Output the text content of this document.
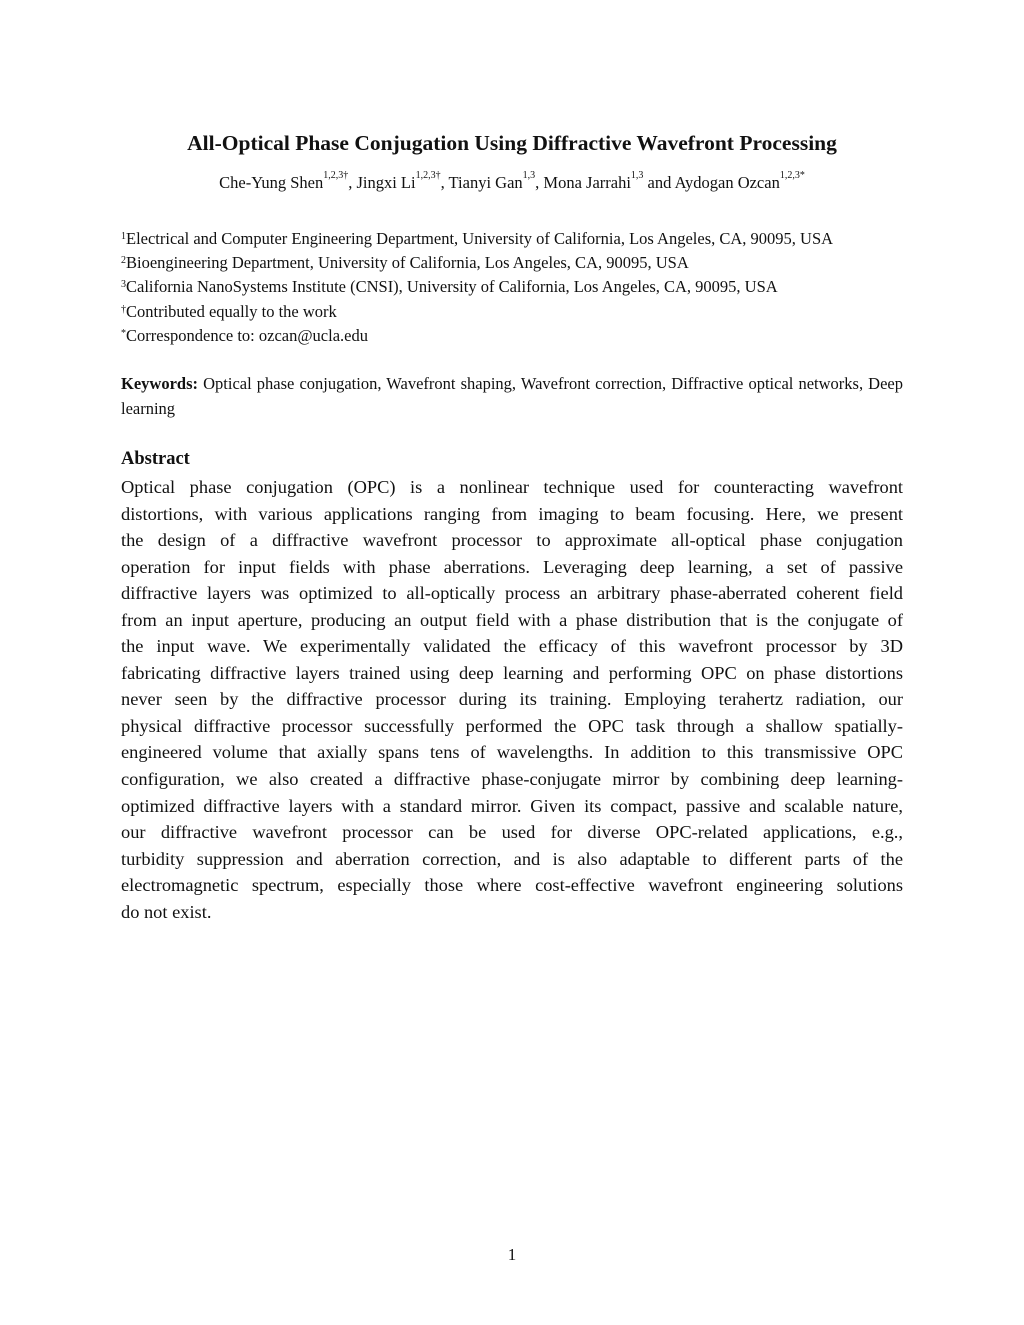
All-Optical Phase Conjugation Using Diffractive Wavefront Processing
Che-Yung Shen$^{1,2,3\dagger}$, Jingxi $Li^{1,2,3\dagger}$, Tianyi Gan$^{1,3}$, Mona Jarrahi$^{1,3}$ and Aydogan Ozcan$^{1,2,3*}$
$^1$Electrical and Computer Engineering Department, University of California, Los Angeles, CA, 90095, USA
$^2$Bioengineering Department, University of California, Los Angeles, CA, 90095, USA
$^3$California NanoSystems Institute (CNSI), University of California, Los Angeles, CA, 90095, USA
†Contributed equally to the work
*Correspondence to: ozcan@ucla.edu
Keywords: Optical phase conjugation, Wavefront shaping, Wavefront correction, Diffractive optical networks, Deep learning
Abstract
Optical phase conjugation (OPC) is a nonlinear technique used for counteracting wavefront
distortions, with various applications ranging from imaging to beam focusing. Here, we present
the design of a diffractive wavefront processor to approximate all-optical phase conjugation
operation for input fields with phase aberrations. Leveraging deep learning, a set of passive
diffractive layers was optimized to all-optically process an arbitrary phase-aberrated coherent field
from an input aperture, producing an output field with a phase distribution that is the conjugate of
the input wave. We experimentally validated the efficacy of this wavefront processor by 3D
fabricating diffractive layers trained using deep learning and performing OPC on phase distortions
never seen by the diffractive processor during its training. Employing terahertz radiation, our
physical diffractive processor successfully performed the OPC task through a shallow spatially-
engineered volume that axially spans tens of wavelengths. In addition to this transmissive OPC
configuration, we also created a diffractive phase-conjugate mirror by combining deep learning-
optimized diffractive layers with a standard mirror. Given its compact, passive and scalable nature,
our diffractive wavefront processor can be used for diverse OPC-related applications, e.g.,
turbidity suppression and aberration correction, and is also adaptable to different parts of the
electromagnetic spectrum, especially those where cost-effective wavefront engineering solutions
do not exist.
1
